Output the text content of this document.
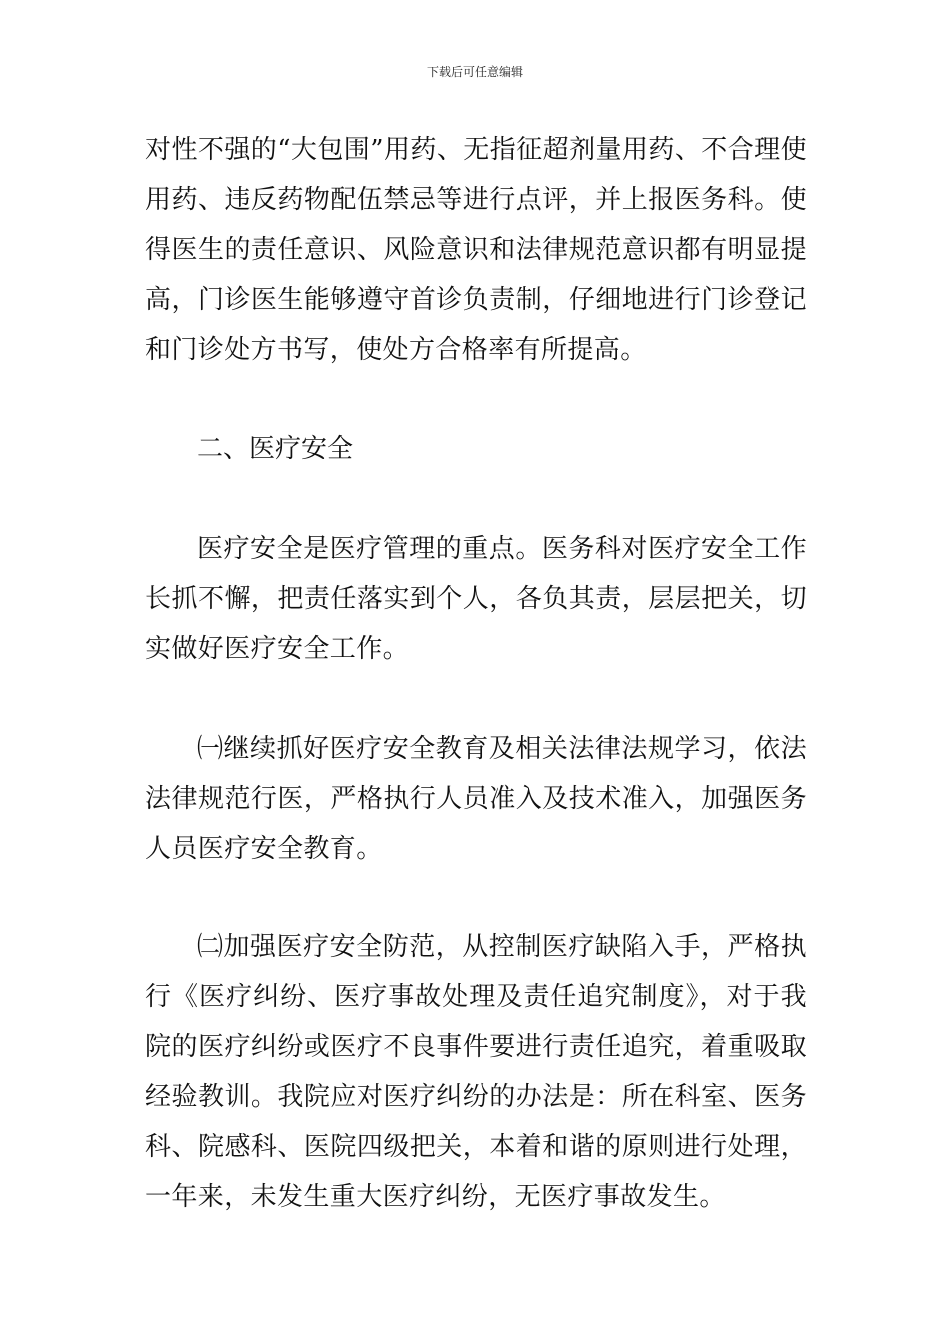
下载后可任意编辑

对性不强的“大包围”用药、无指征超剂量用药、不合理使用药、违反药物配伍禁忌等进行点评，并上报医务科。使得医生的责任意识、风险意识和法律规范意识都有明显提高，门诊医生能够遵守首诊负责制，仔细地进行门诊登记和门诊处方书写，使处方合格率有所提高。

二、医疗安全

医疗安全是医疗管理的重点。医务科对医疗安全工作长抓不懈，把责任落实到个人，各负其责，层层把关，切实做好医疗安全工作。

㈠继续抓好医疗安全教育及相关法律法规学习，依法法律规范行医，严格执行人员准入及技术准入，加强医务人员医疗安全教育。

㈡加强医疗安全防范，从控制医疗缺陷入手，严格执行《医疗纠纷、医疗事故处理及责任追究制度》，对于我院的医疗纠纷或医疗不良事件要进行责任追究，着重吸取经验教训。我院应对医疗纠纷的办法是：所在科室、医务科、院感科、医院四级把关，本着和谐的原则进行处理，一年来，未发生重大医疗纠纷，无医疗事故发生。
